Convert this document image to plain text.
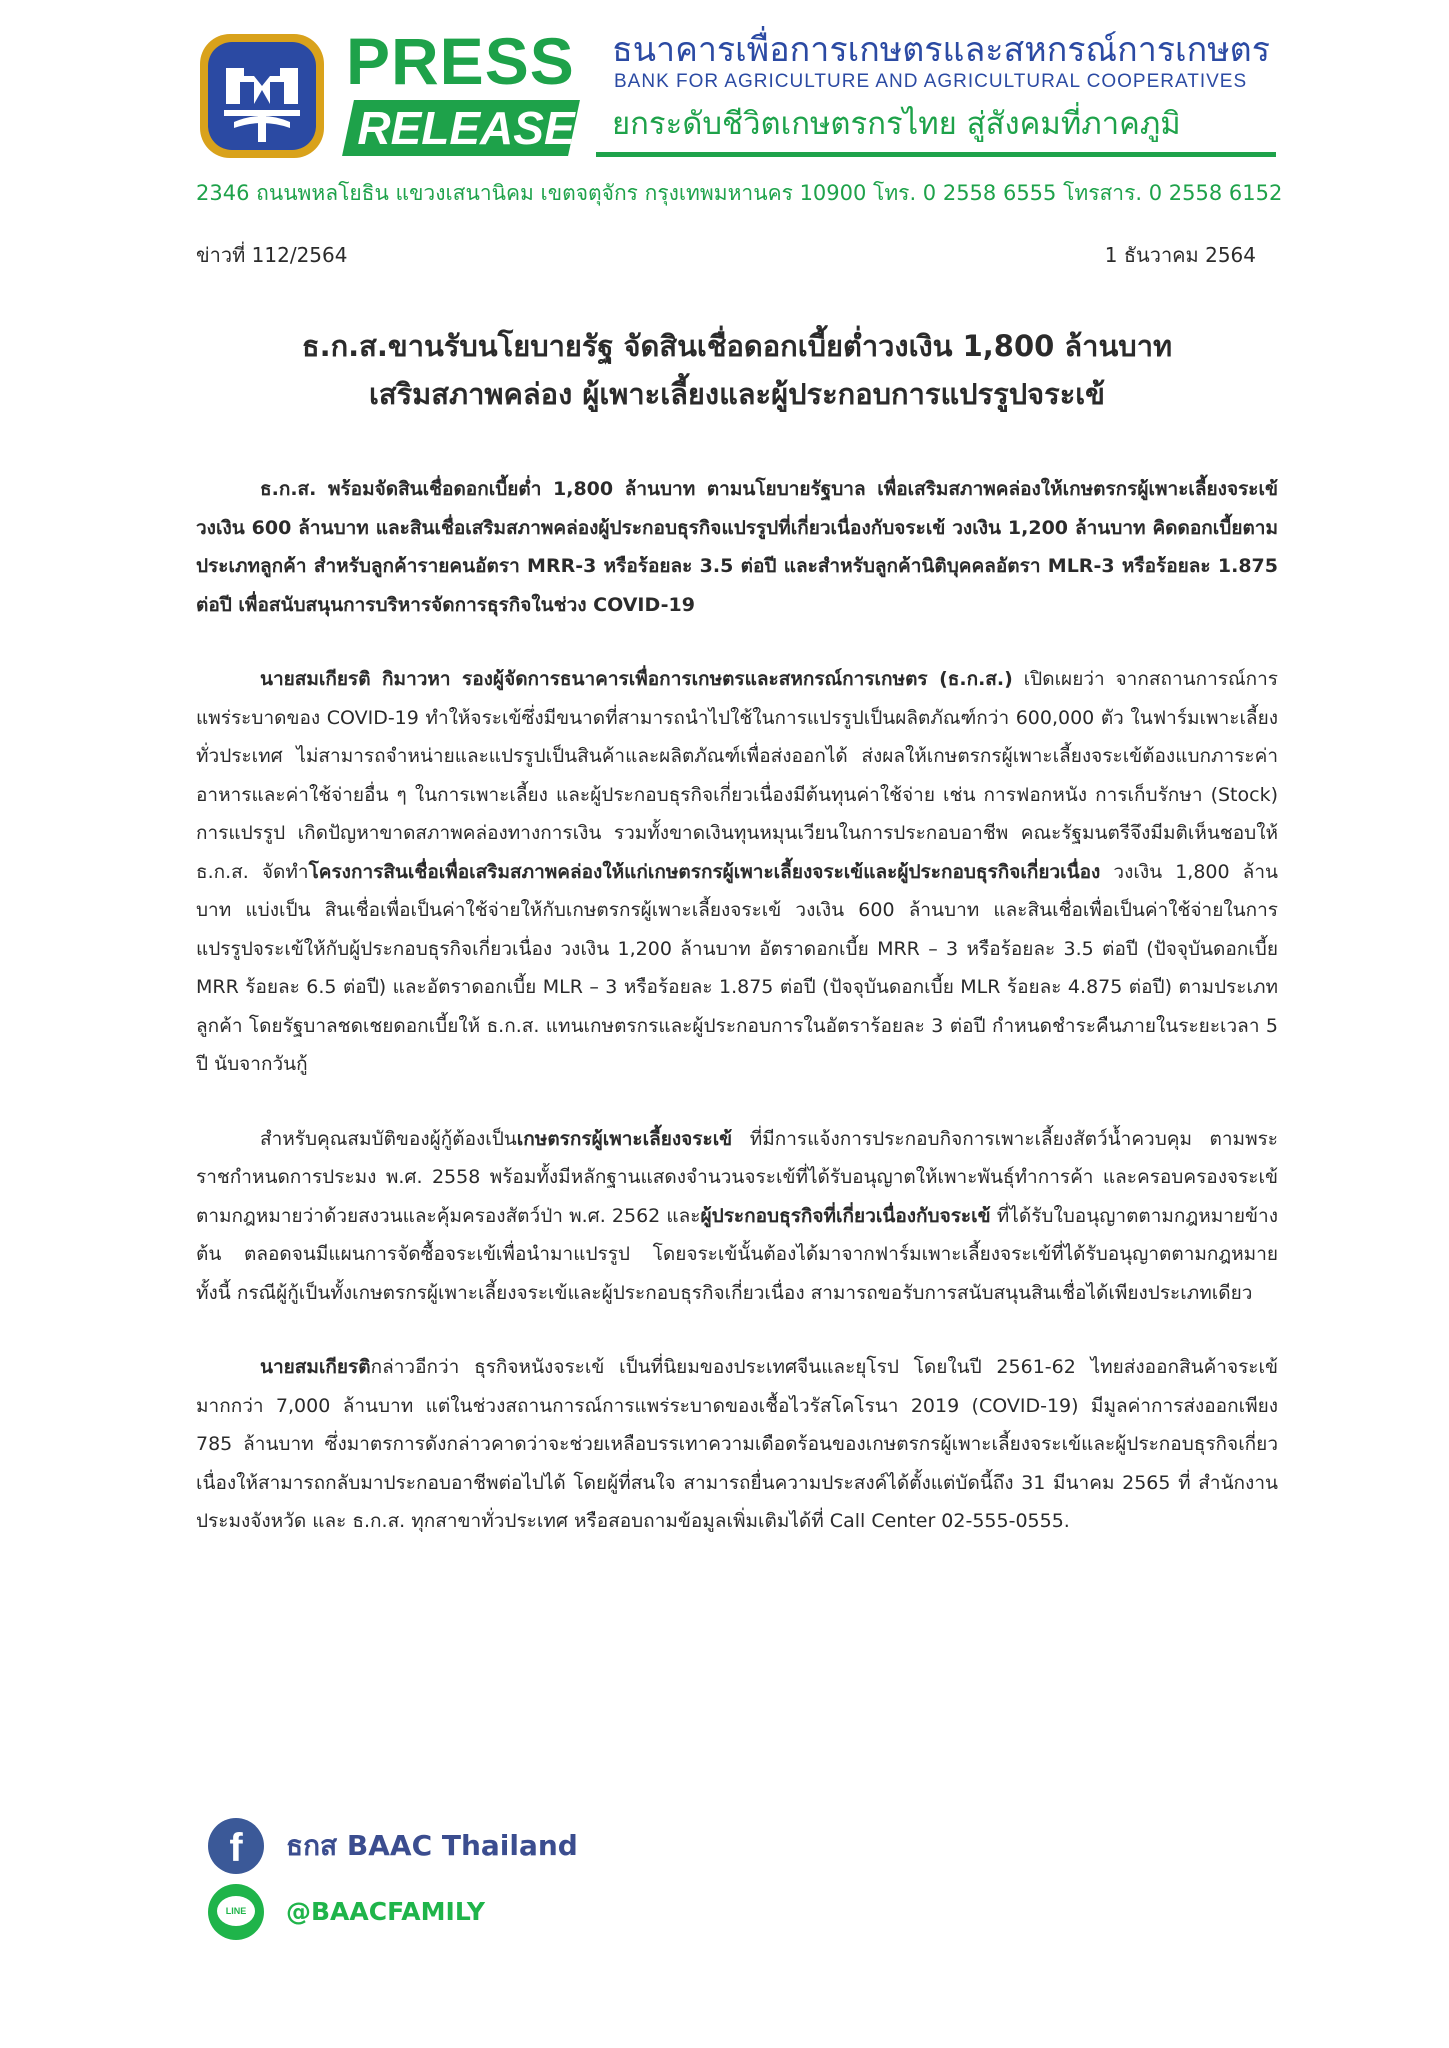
PRESS
RELEASE
ธนาคารเพื่อการเกษตรและสหกรณ์การเกษตร
BANK FOR AGRICULTURE AND AGRICULTURAL COOPERATIVES
ยกระดับชีวิตเกษตรกรไทย สู่สังคมที่ภาคภูมิ
2346 ถนนพหลโยธิน แขวงเสนานิคม เขตจตุจักร กรุงเทพมหานคร 10900 โทร. 0 2558 6555 โทรสาร. 0 2558 6152
ข่าวที่ 112/2564	1 ธันวาคม 2564
ธ.ก.ส.ขานรับนโยบายรัฐ จัดสินเชื่อดอกเบี้ยต่ำวงเงิน 1,800 ล้านบาท
เสริมสภาพคล่อง ผู้เพาะเลี้ยงและผู้ประกอบการแปรรูปจระเข้

ธ.ก.ส. พร้อมจัดสินเชื่อดอกเบี้ยต่ำ 1,800 ล้านบาท ตามนโยบายรัฐบาล เพื่อเสริมสภาพคล่องให้เกษตรกรผู้เพาะเลี้ยงจระเข้ วงเงิน 600 ล้านบาท และสินเชื่อเสริมสภาพคล่องผู้ประกอบธุรกิจแปรรูปที่เกี่ยวเนื่องกับจระเข้ วงเงิน 1,200 ล้านบาท คิดดอกเบี้ยตามประเภทลูกค้า สำหรับลูกค้ารายคนอัตรา MRR-3 หรือร้อยละ 3.5 ต่อปี และสำหรับลูกค้านิติบุคคลอัตรา MLR-3 หรือร้อยละ 1.875 ต่อปี เพื่อสนับสนุนการบริหารจัดการธุรกิจในช่วง COVID-19

นายสมเกียรติ กิมาวหา รองผู้จัดการธนาคารเพื่อการเกษตรและสหกรณ์การเกษตร (ธ.ก.ส.) เปิดเผยว่า จากสถานการณ์การแพร่ระบาดของ COVID-19 ทำให้จระเข้ซึ่งมีขนาดที่สามารถนำไปใช้ในการแปรรูปเป็นผลิตภัณฑ์กว่า 600,000 ตัว ในฟาร์มเพาะเลี้ยงทั่วประเทศ ไม่สามารถจำหน่ายและแปรรูปเป็นสินค้าและผลิตภัณฑ์เพื่อส่งออกได้ ส่งผลให้เกษตรกรผู้เพาะเลี้ยงจระเข้ต้องแบกภาระค่าอาหารและค่าใช้จ่ายอื่น ๆ ในการเพาะเลี้ยง และผู้ประกอบธุรกิจเกี่ยวเนื่องมีต้นทุนค่าใช้จ่าย เช่น การฟอกหนัง การเก็บรักษา (Stock) การแปรรูป เกิดปัญหาขาดสภาพคล่องทางการเงิน รวมทั้งขาดเงินทุนหมุนเวียนในการประกอบอาชีพ คณะรัฐมนตรีจึงมีมติเห็นชอบให้ ธ.ก.ส. จัดทำโครงการสินเชื่อเพื่อเสริมสภาพคล่องให้แก่เกษตรกรผู้เพาะเลี้ยงจระเข้และผู้ประกอบธุรกิจเกี่ยวเนื่อง วงเงิน 1,800 ล้านบาท แบ่งเป็น สินเชื่อเพื่อเป็นค่าใช้จ่ายให้กับเกษตรกรผู้เพาะเลี้ยงจระเข้ วงเงิน 600 ล้านบาท และสินเชื่อเพื่อเป็นค่าใช้จ่ายในการแปรรูปจระเข้ให้กับผู้ประกอบธุรกิจเกี่ยวเนื่อง วงเงิน 1,200 ล้านบาท อัตราดอกเบี้ย MRR – 3 หรือร้อยละ 3.5 ต่อปี (ปัจจุบันดอกเบี้ย MRR ร้อยละ 6.5 ต่อปี) และอัตราดอกเบี้ย MLR – 3 หรือร้อยละ 1.875 ต่อปี (ปัจจุบันดอกเบี้ย MLR ร้อยละ 4.875 ต่อปี) ตามประเภทลูกค้า โดยรัฐบาลชดเชยดอกเบี้ยให้ ธ.ก.ส. แทนเกษตรกรและผู้ประกอบการในอัตราร้อยละ 3 ต่อปี กำหนดชำระคืนภายในระยะเวลา 5 ปี นับจากวันกู้

สำหรับคุณสมบัติของผู้กู้ต้องเป็นเกษตรกรผู้เพาะเลี้ยงจระเข้ ที่มีการแจ้งการประกอบกิจการเพาะเลี้ยงสัตว์น้ำควบคุม ตามพระราชกำหนดการประมง พ.ศ. 2558 พร้อมทั้งมีหลักฐานแสดงจำนวนจระเข้ที่ได้รับอนุญาตให้เพาะพันธุ์ทำการค้า และครอบครองจระเข้ ตามกฎหมายว่าด้วยสงวนและคุ้มครองสัตว์ป่า พ.ศ. 2562 และผู้ประกอบธุรกิจที่เกี่ยวเนื่องกับจระเข้ ที่ได้รับใบอนุญาตตามกฎหมายข้างต้น ตลอดจนมีแผนการจัดซื้อจระเข้เพื่อนำมาแปรรูป โดยจระเข้นั้นต้องได้มาจากฟาร์มเพาะเลี้ยงจระเข้ที่ได้รับอนุญาตตามกฎหมาย ทั้งนี้ กรณีผู้กู้เป็นทั้งเกษตรกรผู้เพาะเลี้ยงจระเข้และผู้ประกอบธุรกิจเกี่ยวเนื่อง สามารถขอรับการสนับสนุนสินเชื่อได้เพียงประเภทเดียว

นายสมเกียรติกล่าวอีกว่า ธุรกิจหนังจระเข้ เป็นที่นิยมของประเทศจีนและยุโรป โดยในปี 2561-62 ไทยส่งออกสินค้าจระเข้มากกว่า 7,000 ล้านบาท แต่ในช่วงสถานการณ์การแพร่ระบาดของเชื้อไวรัสโคโรนา 2019 (COVID-19) มีมูลค่าการส่งออกเพียง 785 ล้านบาท ซึ่งมาตรการดังกล่าวคาดว่าจะช่วยเหลือบรรเทาความเดือดร้อนของเกษตรกรผู้เพาะเลี้ยงจระเข้และผู้ประกอบธุรกิจเกี่ยวเนื่องให้สามารถกลับมาประกอบอาชีพต่อไปได้ โดยผู้ที่สนใจ สามารถยื่นความประสงค์ได้ตั้งแต่บัดนี้ถึง 31 มีนาคม 2565 ที่ สำนักงานประมงจังหวัด และ ธ.ก.ส. ทุกสาขาทั่วประเทศ หรือสอบถามข้อมูลเพิ่มเติมได้ที่ Call Center 02-555-0555.

f	ธกส BAAC Thailand
LINE	@BAACFAMILY
